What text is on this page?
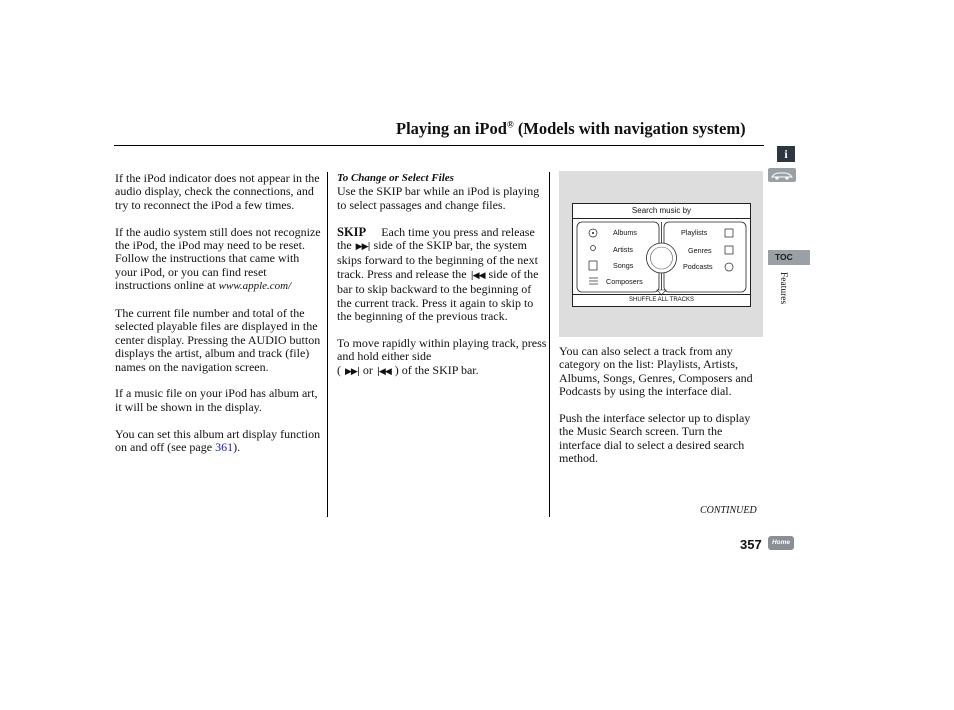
Playing an iPod® (Models with navigation system)

If the iPod indicator does not appear in the audio display, check the connections, and try to reconnect the iPod a few times.

If the audio system still does not recognize the iPod, the iPod may need to be reset. Follow the instructions that came with your iPod, or you can find reset instructions online at www.apple.com/

The current file number and total of the selected playable files are displayed in the center display. Pressing the AUDIO button displays the artist, album and track (file) names on the navigation screen.

If a music file on your iPod has album art, it will be shown in the display.

You can set this album art display function on and off (see page 361).

To Change or Select Files

Use the SKIP bar while an iPod is playing to select passages and change files.

SKIP Each time you press and release the ▶▶| side of the SKIP bar, the system skips forward to the beginning of the next track. Press and release the |◀◀ side of the bar to skip backward to the beginning of the current track. Press it again to skip to the beginning of the previous track.

To move rapidly within playing track, press and hold either side
( ▶▶| or |◀◀ ) of the SKIP bar.

Search music by
Albums
Artists
Songs
Composers
Playlists
Genres
Podcasts
SHUFFLE ALL TRACKS

You can also select a track from any category on the list: Playlists, Artists, Albums, Songs, Genres, Composers and Podcasts by using the interface dial.

Push the interface selector up to display the Music Search screen. Turn the interface dial to select a desired search method.

CONTINUED
357	Home
i
TOC
Features
